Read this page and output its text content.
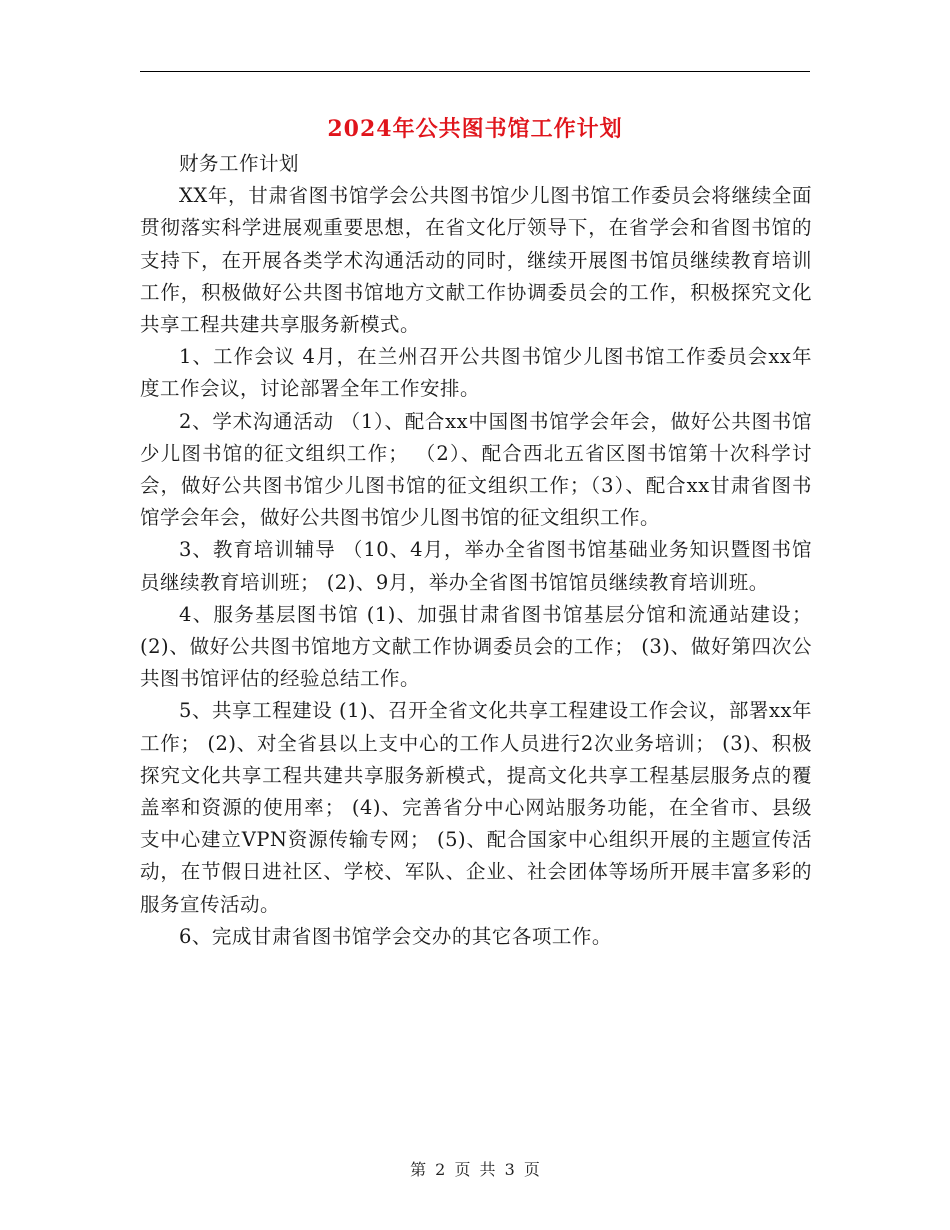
2024年公共图书馆工作计划

财务工作计划

XX年，甘肃省图书馆学会公共图书馆少儿图书馆工作委员会将继续全面贯彻落实科学进展观重要思想，在省文化厅领导下，在省学会和省图书馆的支持下，在开展各类学术沟通活动的同时，继续开展图书馆员继续教育培训工作，积极做好公共图书馆地方文献工作协调委员会的工作，积极探究文化共享工程共建共享服务新模式。

1、工作会议 4月，在兰州召开公共图书馆少儿图书馆工作委员会xx年度工作会议，讨论部署全年工作安排。

2、学术沟通活动 （1）、配合xx中国图书馆学会年会，做好公共图书馆少儿图书馆的征文组织工作； （2）、配合西北五省区图书馆第十次科学讨会，做好公共图书馆少儿图书馆的征文组织工作；（3）、配合xx甘肃省图书馆学会年会，做好公共图书馆少儿图书馆的征文组织工作。

3、教育培训辅导 （10、4月，举办全省图书馆基础业务知识暨图书馆员继续教育培训班； (2)、9月，举办全省图书馆馆员继续教育培训班。

4、服务基层图书馆 (1)、加强甘肃省图书馆基层分馆和流通站建设； (2)、做好公共图书馆地方文献工作协调委员会的工作； (3)、做好第四次公共图书馆评估的经验总结工作。

5、共享工程建设 (1)、召开全省文化共享工程建设工作会议，部署xx年工作； (2)、对全省县以上支中心的工作人员进行2次业务培训； (3)、积极探究文化共享工程共建共享服务新模式，提高文化共享工程基层服务点的覆盖率和资源的使用率； (4)、完善省分中心网站服务功能，在全省市、县级支中心建立VPN资源传输专网； (5)、配合国家中心组织开展的主题宣传活动，在节假日进社区、学校、军队、企业、社会团体等场所开展丰富多彩的服务宣传活动。

6、完成甘肃省图书馆学会交办的其它各项工作。

第 2 页 共 3 页
